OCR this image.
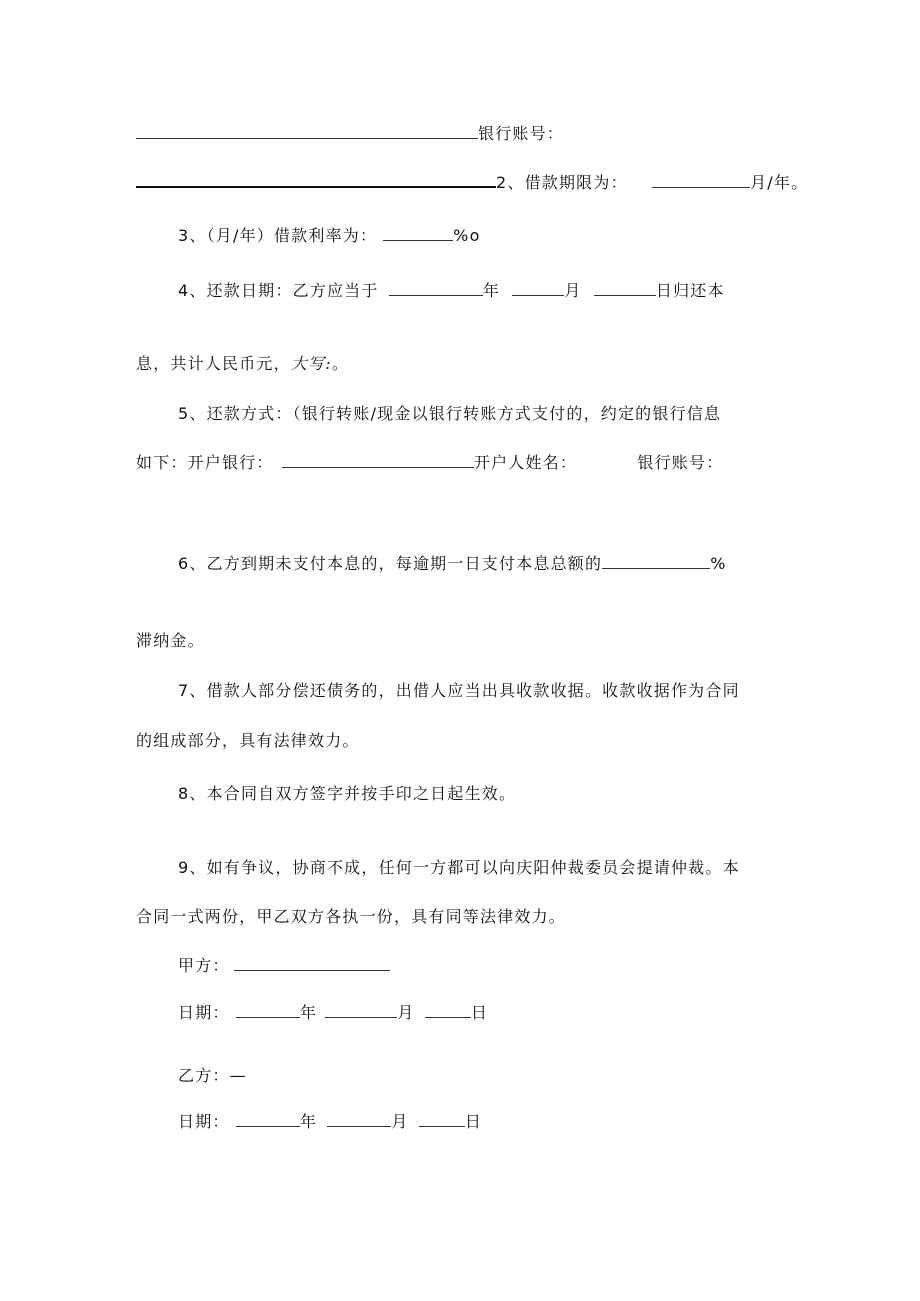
银行账号：
2、借款期限为：	月/年。
3、（月/年）借款利率为：	%o
4、还款日期：乙方应当于	年	月	日归还本
息，共计人民币元，大写:。
5、还款方式：（银行转账/现金以银行转账方式支付的，约定的银行信息
如下：开户银行：	开户人姓名：	银行账号：
6、乙方到期未支付本息的，每逾期一日支付本息总额的	%
滞纳金。
7、借款人部分偿还债务的，出借人应当出具收款收据。收款收据作为合同
的组成部分，具有法律效力。
8、本合同自双方签字并按手印之日起生效。
9、如有争议，协商不成，任何一方都可以向庆阳仲裁委员会提请仲裁。本
合同一式两份，甲乙双方各执一份，具有同等法律效力。
甲方：
日期：	年	月	日
乙方：—
日期：	年	月	日
